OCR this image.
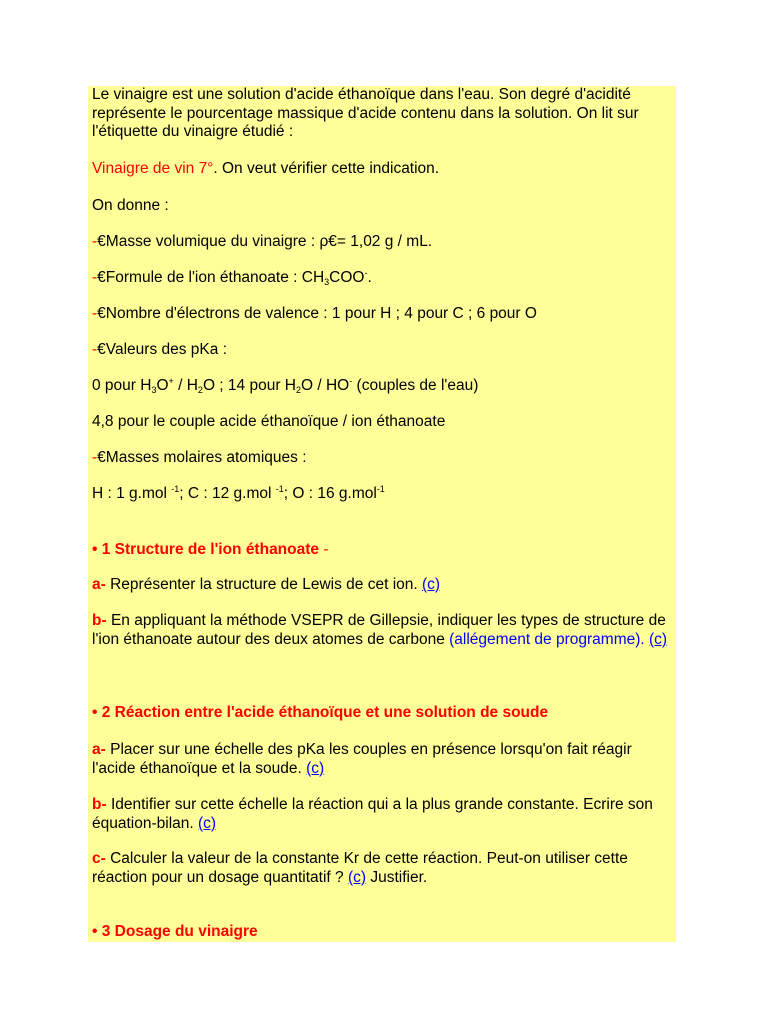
Le vinaigre est une solution d'acide éthanoïque dans l'eau. Son degré d'acidité représente le pourcentage massique d'acide contenu dans la solution. On lit sur l'étiquette du vinaigre étudié :

Vinaigre de vin 7°. On veut vérifier cette indication.

On donne :

-€Masse volumique du vinaigre : ρ€= 1,02 g / mL.

-€Formule de l'ion éthanoate : $CH_3COO^-$.

-€Nombre d'électrons de valence : 1 pour H ; 4 pour C ; 6 pour O

-€Valeurs des pKa :

0 pour $H_3O^+ / H_2O$ ; 14 pour $H_2O / HO^-$ (couples de l'eau)

4,8 pour le couple acide éthanoïque / ion éthanoate

-€Masses molaires atomiques :

H : 1 g.mol $^{-1}$; C : 12 g.mol $^{-1}$; O : 16 g.mol$^{-1}$

• 1 Structure de l'ion éthanoate -

a- Représenter la structure de Lewis de cet ion. (c)

b- En appliquant la méthode VSEPR de Gillepsie, indiquer les types de structure de l'ion éthanoate autour des deux atomes de carbone (allégement de programme). (c)

• 2 Réaction entre l'acide éthanoïque et une solution de soude

a- Placer sur une échelle des pKa les couples en présence lorsqu'on fait réagir l'acide éthanoïque et la soude. (c)

b- Identifier sur cette échelle la réaction qui a la plus grande constante. Ecrire son équation-bilan. (c)

c- Calculer la valeur de la constante Kr de cette réaction. Peut-on utiliser cette réaction pour un dosage quantitatif ? (c) Justifier.

• 3 Dosage du vinaigre
